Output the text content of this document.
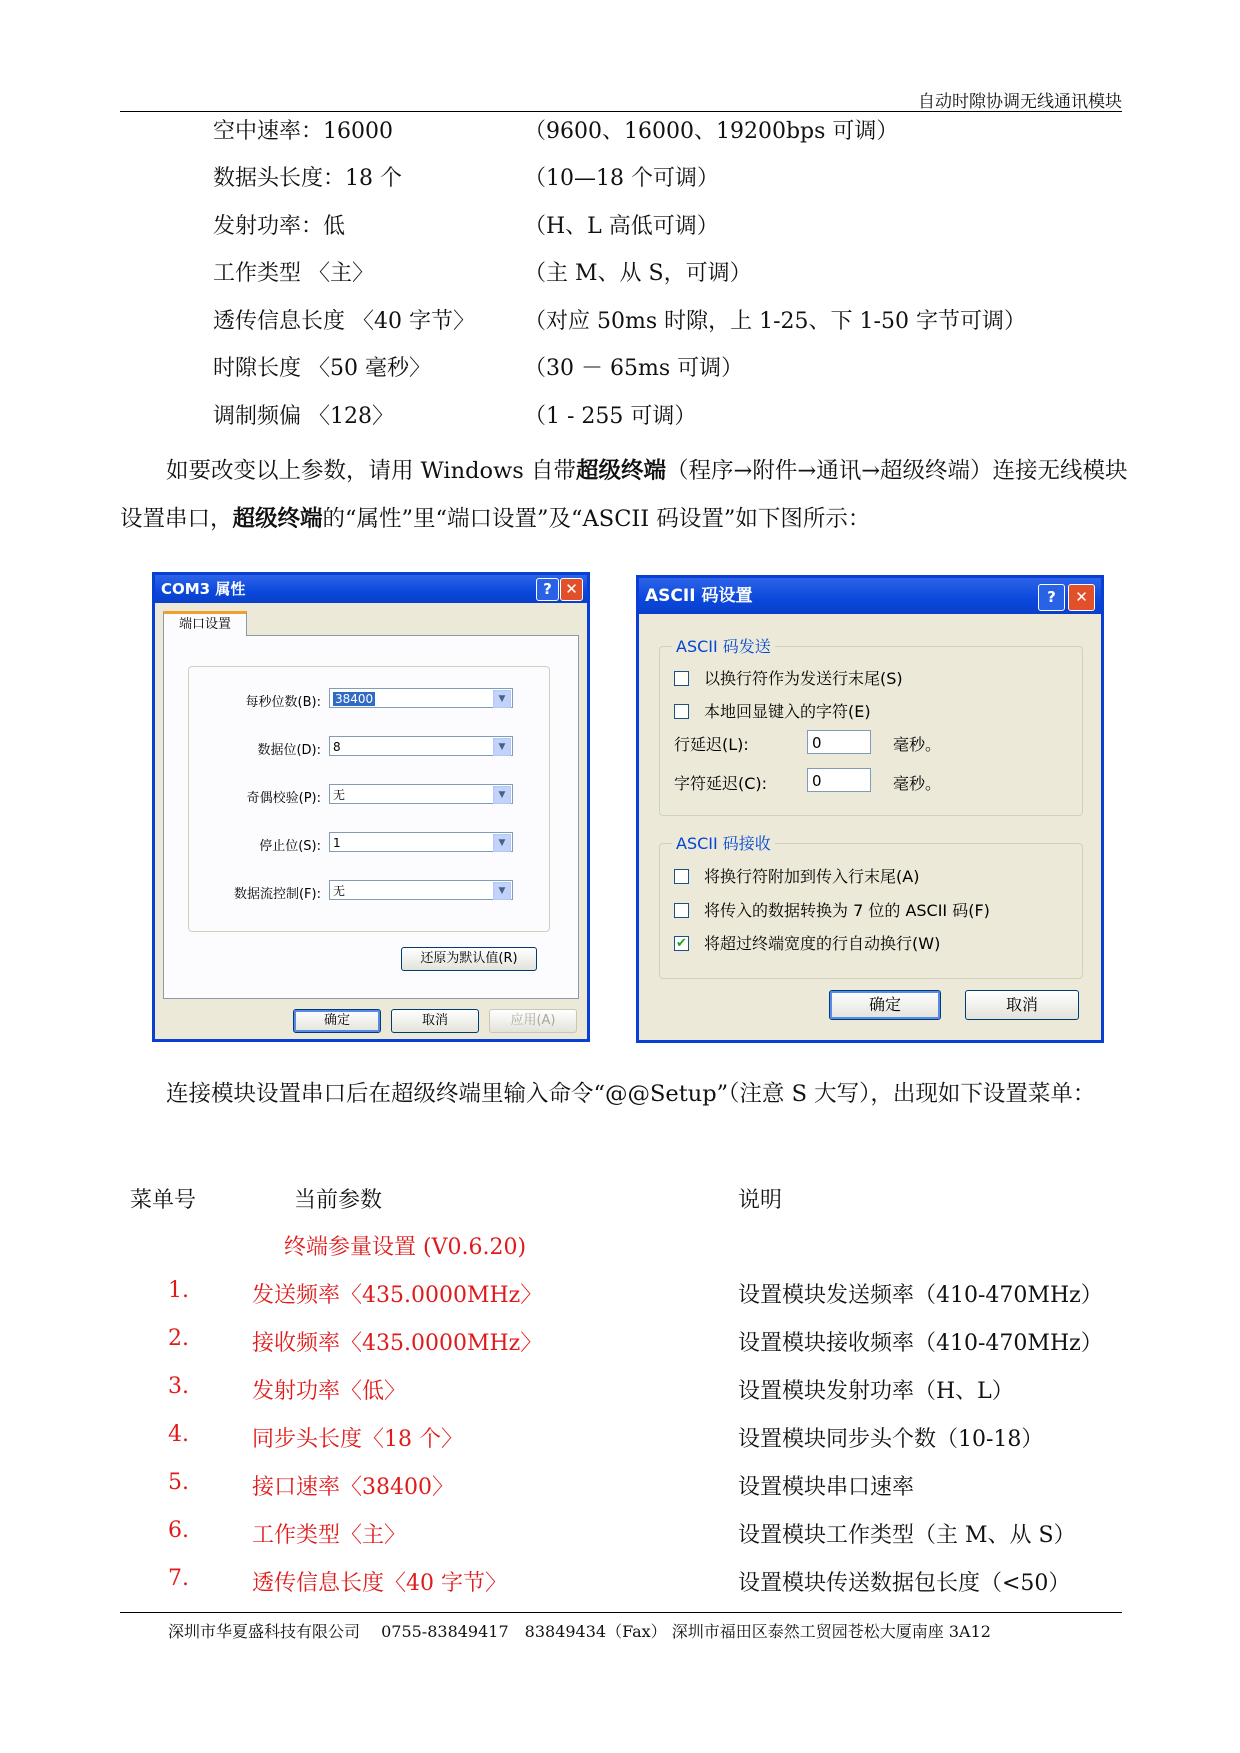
自动时隙协调无线通讯模块
空中速率：16000	（9600、16000、19200bps 可调）
数据头长度：18 个	（10—18 个可调）
发射功率：低	（H、L 高低可调）
工作类型 〈主〉	（主 M、从 S，可调）
透传信息长度 〈40 字节〉 （对应 50ms 时隙，上 1-25、下 1-50 字节可调）
时隙长度 〈50 毫秒〉	（30 － 65ms 可调）
调制频偏 〈128〉	（1 - 255 可调）
如要改变以上参数，请用 Windows 自带超级终端（程序→附件→通讯→超级终端）连接无线模块设置串口，超级终端的“属性”里“端口设置”及“ASCII 码设置”如下图所示：
COM3 属性	? ✕
每秒位数(B):	38400	▼
数据位(D):	8	▼
奇偶校验(P):	无	▼
停止位(S):	1	▼
数据流控制(F):	无	▼
还原为默认值(R)
端口设置
确定	取消	应用(A)
ASCII 码设置	?	✕
ASCII 码发送
以换行符作为发送行末尾(S)
本地回显键入的字符(E)
行延迟(L):	0	毫秒。
字符延迟(C):	0	毫秒。
ASCII 码接收
将换行符附加到传入行末尾(A)
将传入的数据转换为 7 位的 ASCII 码(F)
✔ 将超过终端宽度的行自动换行(W)
确定	取消
连接模块设置串口后在超级终端里输入命令“@@Setup”（注意 S 大写），出现如下设置菜单：
菜单号	当前参数	说明
终端参量设置 (V0.6.20)
1.	发送频率〈435.0000MHz〉	设置模块发送频率（410-470MHz）
2.	接收频率〈435.0000MHz〉	设置模块接收频率（410-470MHz）
3.	发射功率〈低〉	设置模块发射功率（H、L）
4.	同步头长度〈18 个〉	设置模块同步头个数（10-18）
5.	接口速率〈38400〉	设置模块串口速率
6.	工作类型〈主〉	设置模块工作类型（主 M、从 S）
7.	透传信息长度〈40 字节〉	设置模块传送数据包长度（<50）
深圳市华夏盛科技有限公司　 0755-83849417　83849434（Fax） 深圳市福田区泰然工贸园苍松大厦南座 3A12
